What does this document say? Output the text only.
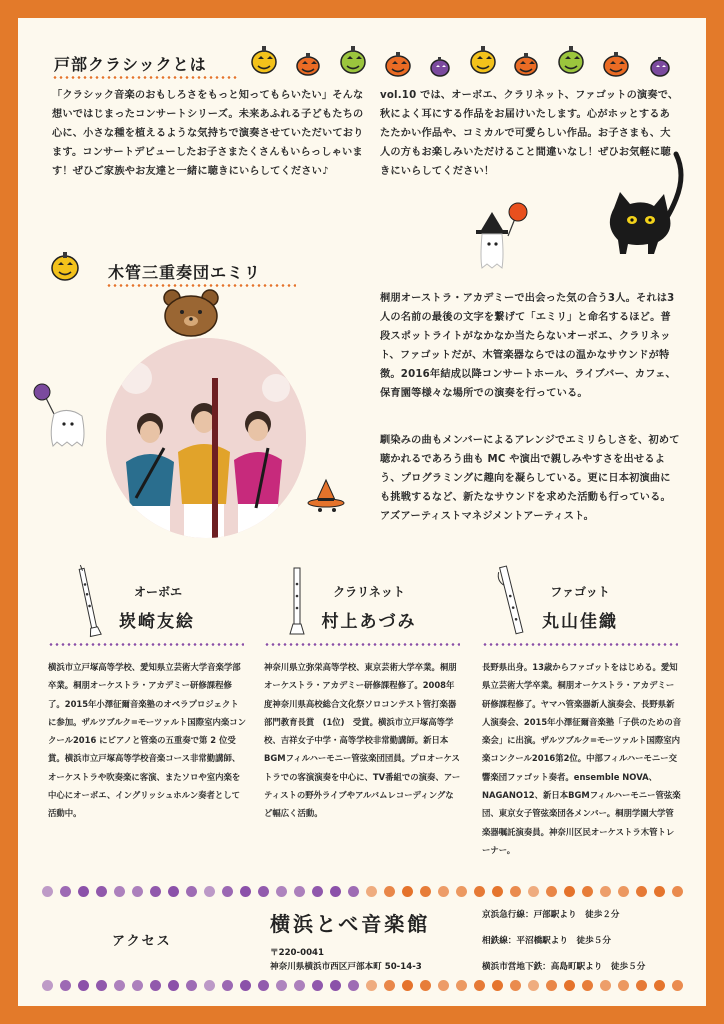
戸部クラシックとは
「クラシック音楽のおもしろさをもっと知ってもらいたい」そんな想いではじまったコンサートシリーズ。未来あふれる子どもたちの心に、小さな種を植えるような気持ちで演奏させていただいております。コンサートデビューしたお子さまたくさんもいらっしゃいます！ぜひご家族やお友達と一緒に聴きにいらしてください♪
vol.10 では、オーボエ、クラリネット、ファゴットの演奏で、秋によく耳にする作品をお届けいたします。心がホッとするあたたかい作品や、コミカルで可愛らしい作品。お子さまも、大人の方もお楽しみいただけること間違いなし！ぜひお気軽に聴きにいらしてください！
木管三重奏団エミリ
桐朋オーストラ・アカデミーで出会った気の合う3人。それは3人の名前の最後の文字を繋げて「エミリ」と命名するほど。普段スポットライトがなかなか当たらないオーボエ、クラリネット、ファゴットだが、木管楽器ならではの温かなサウンドが特徴。2016年結成以降コンサートホール、ライブバー、カフェ、保育園等様々な場所での演奏を行っている。
馴染みの曲もメンバーによるアレンジでエミリらしさを、初めて聴かれるであろう曲も MC や演出で親しみやすさを出せるよう、プログラミングに趣向を凝らしている。更に日本初演曲にも挑戦するなど、新たなサウンドを求めた活動も行っている。アズアーティストマネジメントアーティスト。
オーボエ
崁崎友絵
横浜市立戸塚高等学校、愛知県立芸術大学音楽学部卒業。桐朋オーケストラ・アカデミー研修課程修了。2015年小澤征爾音楽塾のオペラプロジェクトに参加。ザルツブルク=モーツァルト国際室内楽コンクール2016 にピアノと管楽の五重奏で第 2 位受賞。横浜市立戸塚高等学校音楽コース非常勤講師、オーケストラや吹奏楽に客演、またソロや室内楽を中心にオーボエ、イングリッシュホルン奏者として活動中。
クラリネット
村上あづみ
神奈川県立弥栄高等学校、東京芸術大学卒業。桐朋オーケストラ・アカデミー研修課程修了。2008年度神奈川県高校総合文化祭ソロコンテスト管打楽器部門教育長賞　(1位)　受賞。横浜市立戸塚高等学校、吉祥女子中学・高等学校非常勤講師。新日本BGMフィルハーモニー管弦楽団団員。プロオーケストラでの客演演奏を中心に、TV番組での演奏、アーティストの野外ライブやアルバムレコーディングなど幅広く活動。
ファゴット
丸山佳織
長野県出身。13歳からファゴットをはじめる。愛知県立芸術大学卒業。桐朋オーケストラ・アカデミー研修課程修了。ヤマハ管楽器新人演奏会、長野県新人演奏会、2015年小澤征爾音楽塾「子供のための音楽会」に出演。ザルツブルク=モーツァルト国際室内楽コンクール2016第2位。中部フィルハーモニー交響楽団ファゴット奏者。ensemble NOVA、NAGANO12、新日本BGMフィルハーモニー管弦楽団、東京女子管弦楽団各メンバー。桐朋学園大学管楽器嘱託演奏員。神奈川区民オーケストラ木管トレーナー。
アクセス
横浜とべ音楽館
〒220-0041
神奈川県横浜市西区戸部本町 50-14-3
京浜急行線：戸部駅より　徒歩２分
相鉄線：平沼橋駅より　徒歩５分
横浜市営地下鉄：高島町駅より　徒歩５分
